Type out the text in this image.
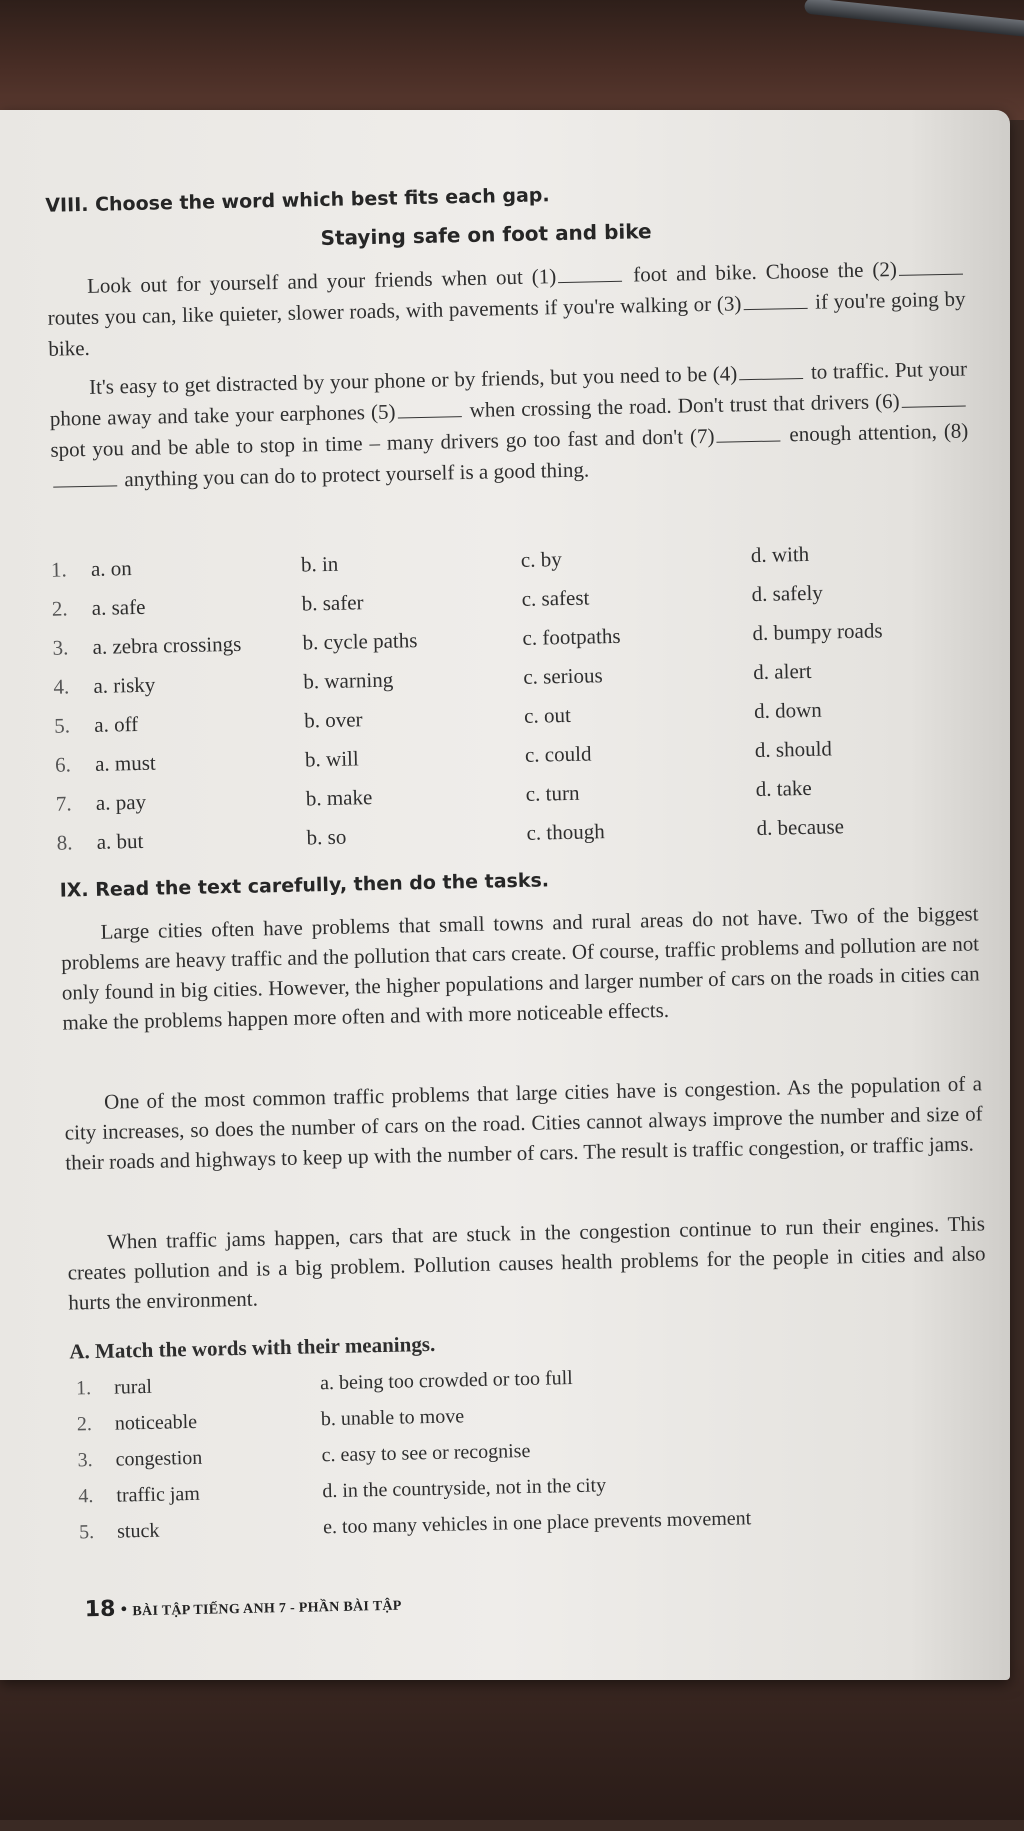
VIII. Choose the word which best fits each gap.
Staying safe on foot and bike
Look out for yourself and your friends when out (1)	foot and bike. Choose the (2) routes you can, like quieter, slower roads, with pavements if you're walking or (3)	if you're going by bike.
It's easy to get distracted by your phone or by friends, but you need to be (4)	to traffic. Put your phone away and take your earphones (5)	when crossing the road. Don't trust that drivers (6) spot you and be able to stop in time – many drivers go too fast and don't (7)	enough attention, (8) anything you can do to protect yourself is a good thing.
1.	a. on	b. in	c. by	d. with
2.	a. safe	b. safer	c. safest	d. safely
3.	a. zebra crossings	b. cycle paths	c. footpaths	d. bumpy roads
4.	a. risky	b. warning	c. serious	d. alert
5.	a. off	b. over	c. out	d. down
6.	a. must	b. will	c. could	d. should
7.	a. pay	b. make	c. turn	d. take
8.	a. but	b. so	c. though	d. because
IX. Read the text carefully, then do the tasks.
Large cities often have problems that small towns and rural areas do not have. Two of the biggest problems are heavy traffic and the pollution that cars create. Of course, traffic problems and pollution are not only found in big cities. However, the higher populations and larger number of cars on the roads in cities can make the problems happen more often and with more noticeable effects.
One of the most common traffic problems that large cities have is congestion. As the population of a city increases, so does the number of cars on the road. Cities cannot always improve the number and size of their roads and highways to keep up with the number of cars. The result is traffic congestion, or traffic jams.
When traffic jams happen, cars that are stuck in the congestion continue to run their engines. This creates pollution and is a big problem. Pollution causes health problems for the people in cities and also hurts the environment.
A. Match the words with their meanings.
1. rural	a. being too crowded or too full
2. noticeable	b. unable to move
3. congestion	c. easy to see or recognise
4. traffic jam	d. in the countryside, not in the city
5. stuck	e. too many vehicles in one place prevents movement
18 • BÀI TẬP TIẾNG ANH 7 - PHẦN BÀI TẬP
